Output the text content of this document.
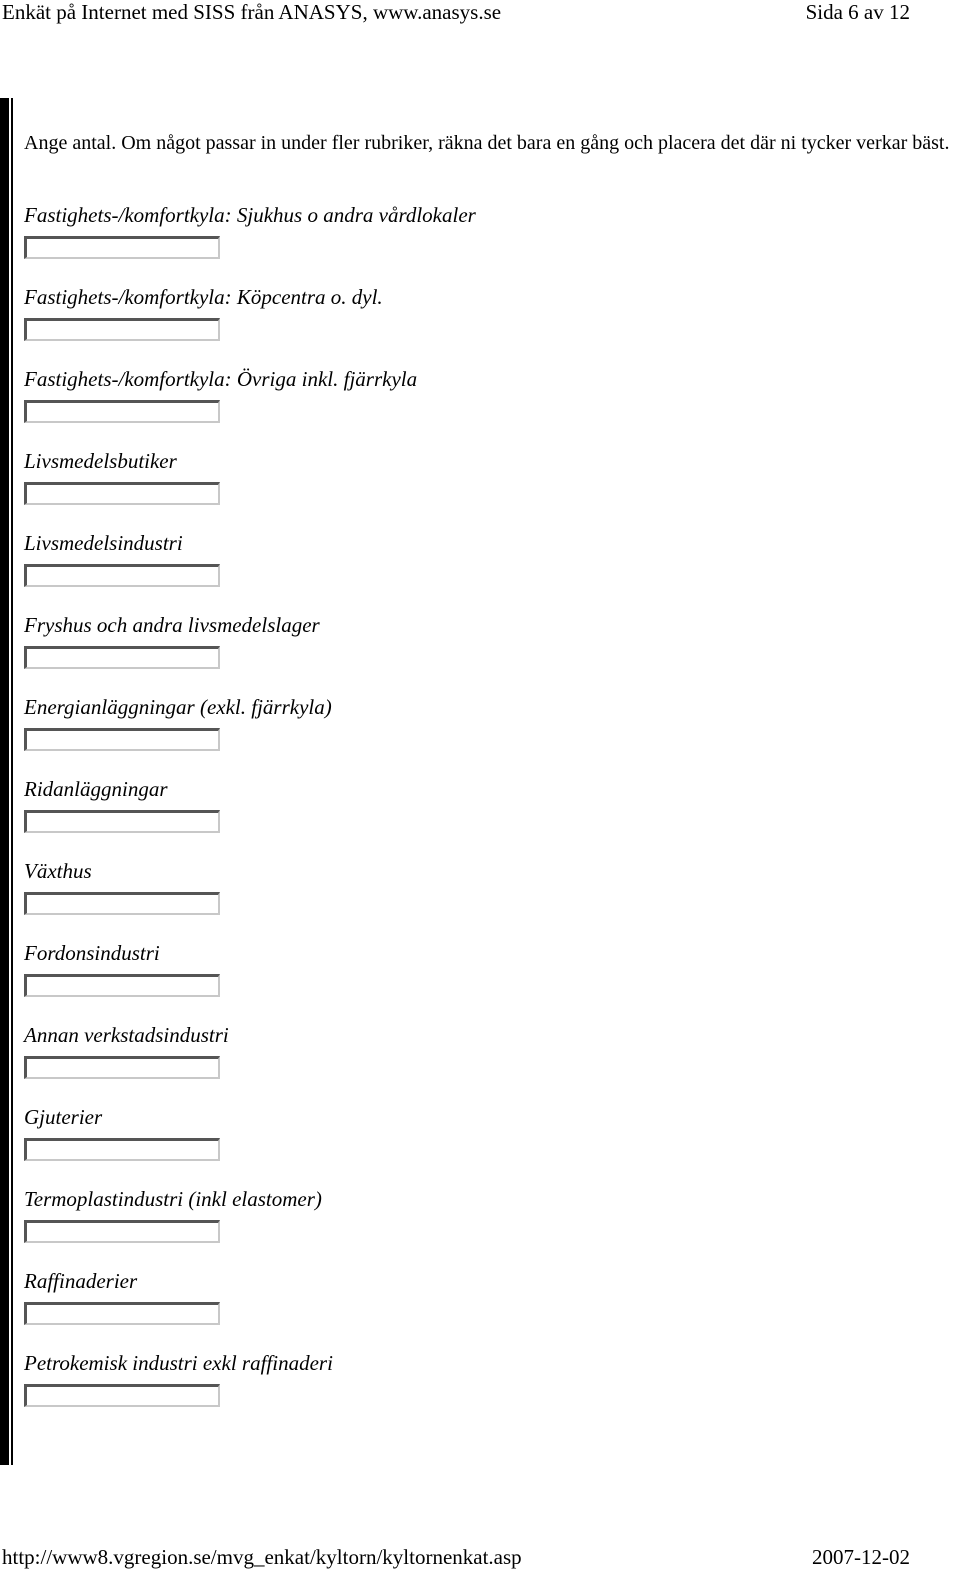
Enkät på Internet med SISS från ANASYS, www.anasys.se	Sida 6 av 12

Ange antal. Om något passar in under fler rubriker, räkna det bara en gång och placera det där ni tycker verkar bäst.

Fastighets-/komfortkyla: Sjukhus o andra vårdlokaler
Fastighets-/komfortkyla: Köpcentra o. dyl.
Fastighets-/komfortkyla: Övriga inkl. fjärrkyla
Livsmedelsbutiker
Livsmedelsindustri
Fryshus och andra livsmedelslager
Energianläggningar (exkl. fjärrkyla)
Ridanläggningar
Växthus
Fordonsindustri
Annan verkstadsindustri
Gjuterier
Termoplastindustri (inkl elastomer)
Raffinaderier
Petrokemisk industri exkl raffinaderi
http://www8.vgregion.se/mvg_enkat/kyltorn/kyltornenkat.asp	2007-12-02
